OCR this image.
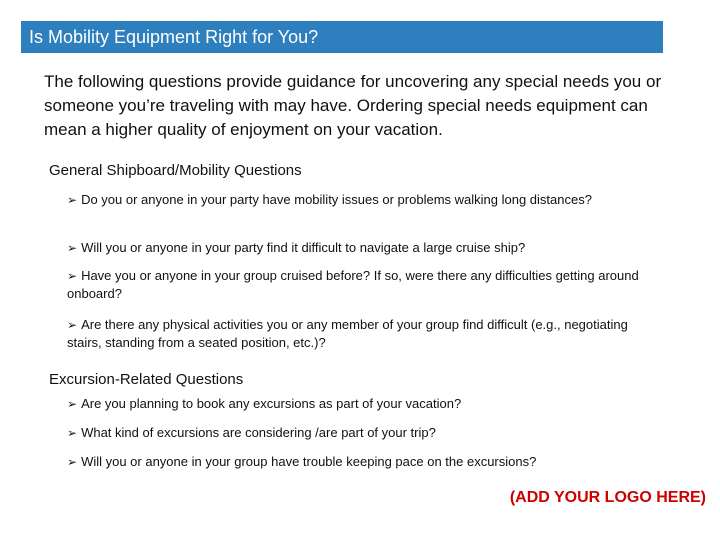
Is Mobility Equipment Right for You?

The following questions provide guidance for uncovering any special needs you or someone you’re traveling with may have. Ordering special needs equipment can mean a higher quality of enjoyment on your vacation.

General Shipboard/Mobility Questions

➢ Do you or anyone in your party have mobility issues or problems walking long distances?

➢ Will you or anyone in your party find it difficult to navigate a large cruise ship?

➢ Have you or anyone in your group cruised before? If so, were there any difficulties getting around onboard?

➢ Are there any physical activities you or any member of your group find difficult (e.g., negotiating stairs, standing from a seated position, etc.)?

Excursion-Related Questions

➢ Are you planning to book any excursions as part of your vacation?

➢ What kind of excursions are considering /are part of your trip?

➢ Will you or anyone in your group have trouble keeping pace on the excursions?

(ADD YOUR LOGO HERE)
